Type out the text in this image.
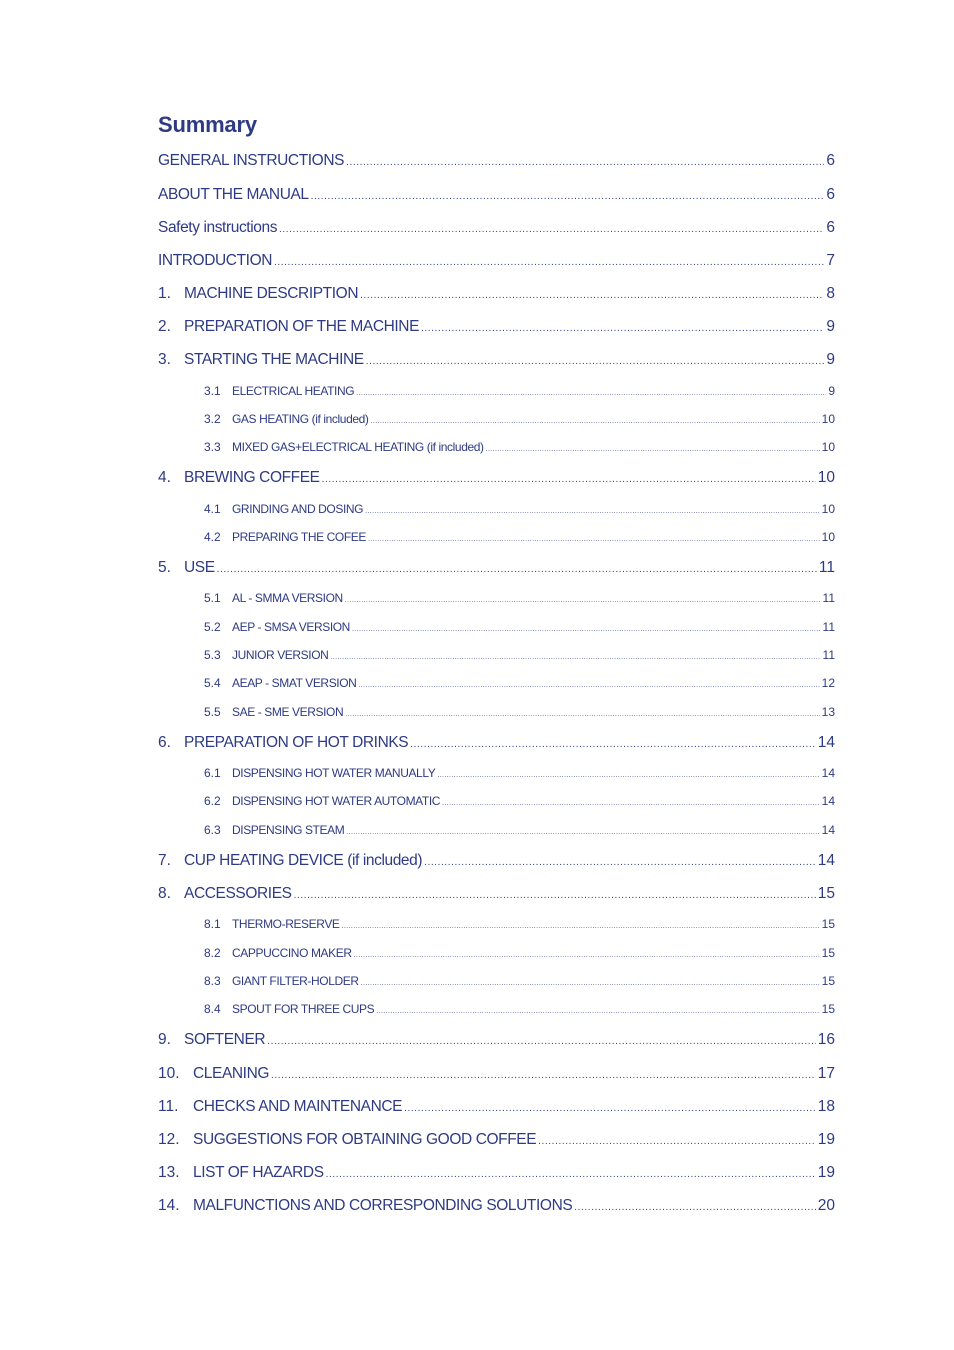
Summary
GENERAL INSTRUCTIONS .....	6
ABOUT THE MANUAL .....	6
Safety instructions .....	6
INTRODUCTION .....	7
1. MACHINE DESCRIPTION .....	8
2. PREPARATION OF THE MACHINE .....	9
3. STARTING THE MACHINE .....	9
3.1 ELECTRICAL HEATING .....	9
3.2 GAS HEATING (if included) .....	10
3.3 MIXED GAS+ELECTRICAL HEATING (if included) .....	10
4. BREWING COFFEE .....	10
4.1 GRINDING AND DOSING .....	10
4.2 PREPARING THE COFEE .....	10
5. USE .....	11
5.1 AL - SMMA VERSION .....	11
5.2 AEP - SMSA VERSION .....	11
5.3 JUNIOR VERSION .....	11
5.4 AEAP - SMAT VERSION .....	12
5.5 SAE - SME VERSION .....	13
6. PREPARATION OF HOT DRINKS .....	14
6.1 DISPENSING HOT WATER MANUALLY .....	14
6.2 DISPENSING HOT WATER AUTOMATIC .....	14
6.3 DISPENSING STEAM .....	14
7. CUP HEATING DEVICE (if included) .....	14
8. ACCESSORIES .....	15
8.1 THERMO-RESERVE .....	15
8.2 CAPPUCCINO MAKER .....	15
8.3 GIANT FILTER-HOLDER .....	15
8.4 SPOUT FOR THREE CUPS .....	15
9. SOFTENER .....	16
10. CLEANING .....	17
11. CHECKS AND MAINTENANCE .....	18
12. SUGGESTIONS FOR OBTAINING GOOD COFFEE .....	19
13. LIST OF HAZARDS .....	19
14. MALFUNCTIONS AND CORRESPONDING SOLUTIONS .....	20
